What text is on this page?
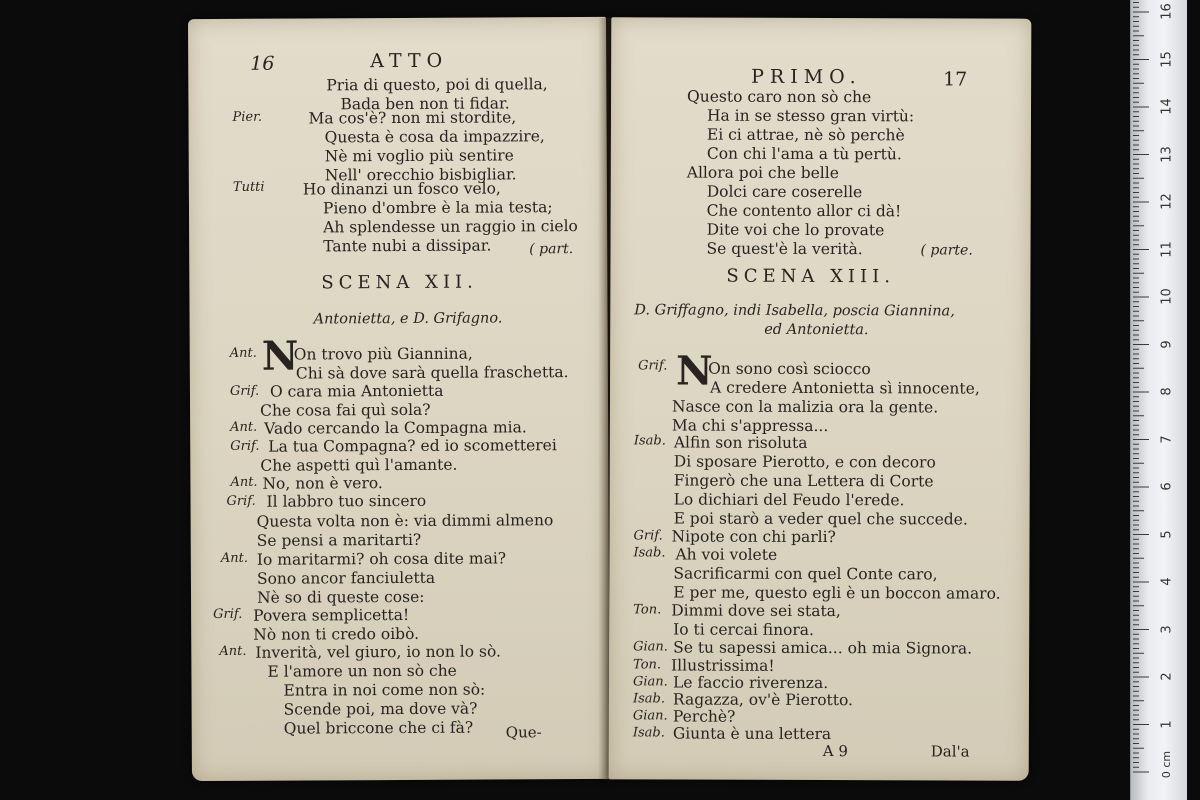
16	ATTO
Pria di questo, poi di quella,
Bada ben non ti fidar.
Pier.	Ma cos'è? non mi stordite,
Questa è cosa da impazzire,
Nè mi voglio più sentire
Nell' orecchio bisbigliar.
Tutti Ho dinanzi un fosco velo,
Pieno d'ombre è la mia testa;
Ah splendesse un raggio in cielo
Tante nubi a dissipar.	( part.
SCENA XII.
Antonietta, e D. Grifagno.
Ant. N
On trovo più Giannina,
Chi sà dove sarà quella fraschetta.
Grif. O cara mia Antonietta
Che cosa fai quì sola?
Ant. Vado cercando la Compagna mia.
Grif. La tua Compagna? ed io scometterei
Che aspetti quì l'amante.
Ant. No, non è vero.
Grif. Il labbro tuo sincero
Questa volta non è: via dimmi almeno
Se pensi a maritarti?
Ant. Io maritarmi? oh cosa dite mai?
Sono ancor fanciuletta
Nè so di queste cose:
Grif. Povera semplicetta!
Nò non ti credo oibò.
Ant. Inverità, vel giuro, io non lo sò.
E l'amore un non sò che
Entra in noi come non sò:
Scende poi, ma dove và?
Quel briccone che ci fà? Que-
PRIMO.	17
Questo caro non sò che
Ha in se stesso gran virtù:
Ei ci attrae, nè sò perchè
Con chi l'ama a tù pertù.
Allora poi che belle
Dolci care coserelle
Che contento allor ci dà!
Dite voi che lo provate
Se quest'è la verità.	( parte.
SCENA XIII.
D. Griffagno, indi Isabella, poscia Giannina,
ed Antonietta.
Grif. N
On sono così sciocco
A credere Antonietta sì innocente,
Nasce con la malizia ora la gente.
Ma chi s'appressa...
Isab. Alfin son risoluta
Di sposare Pierotto, e con decoro
Fingerò che una Lettera di Corte
Lo dichiari del Feudo l'erede.
E poi starò a veder quel che succede.
Grif. Nipote con chi parli?
Isab. Ah voi volete
Sacrificarmi con quel Conte caro,
E per me, questo egli è un boccon amaro.
Ton. Dimmi dove sei stata,
Io ti cercai finora.
Gian. Se tu sapessi amica... oh mia Signora.
Ton. Illustrissima!
Gian. Le faccio riverenza.
Isab. Ragazza, ov'è Pierotto.
Gian. Perchè?
Isab. Giunta è una lettera
A 9	Dal'a
1
2
3
4
5
6
7
8
9
10
11
12
13
14
15
16
0 cm
